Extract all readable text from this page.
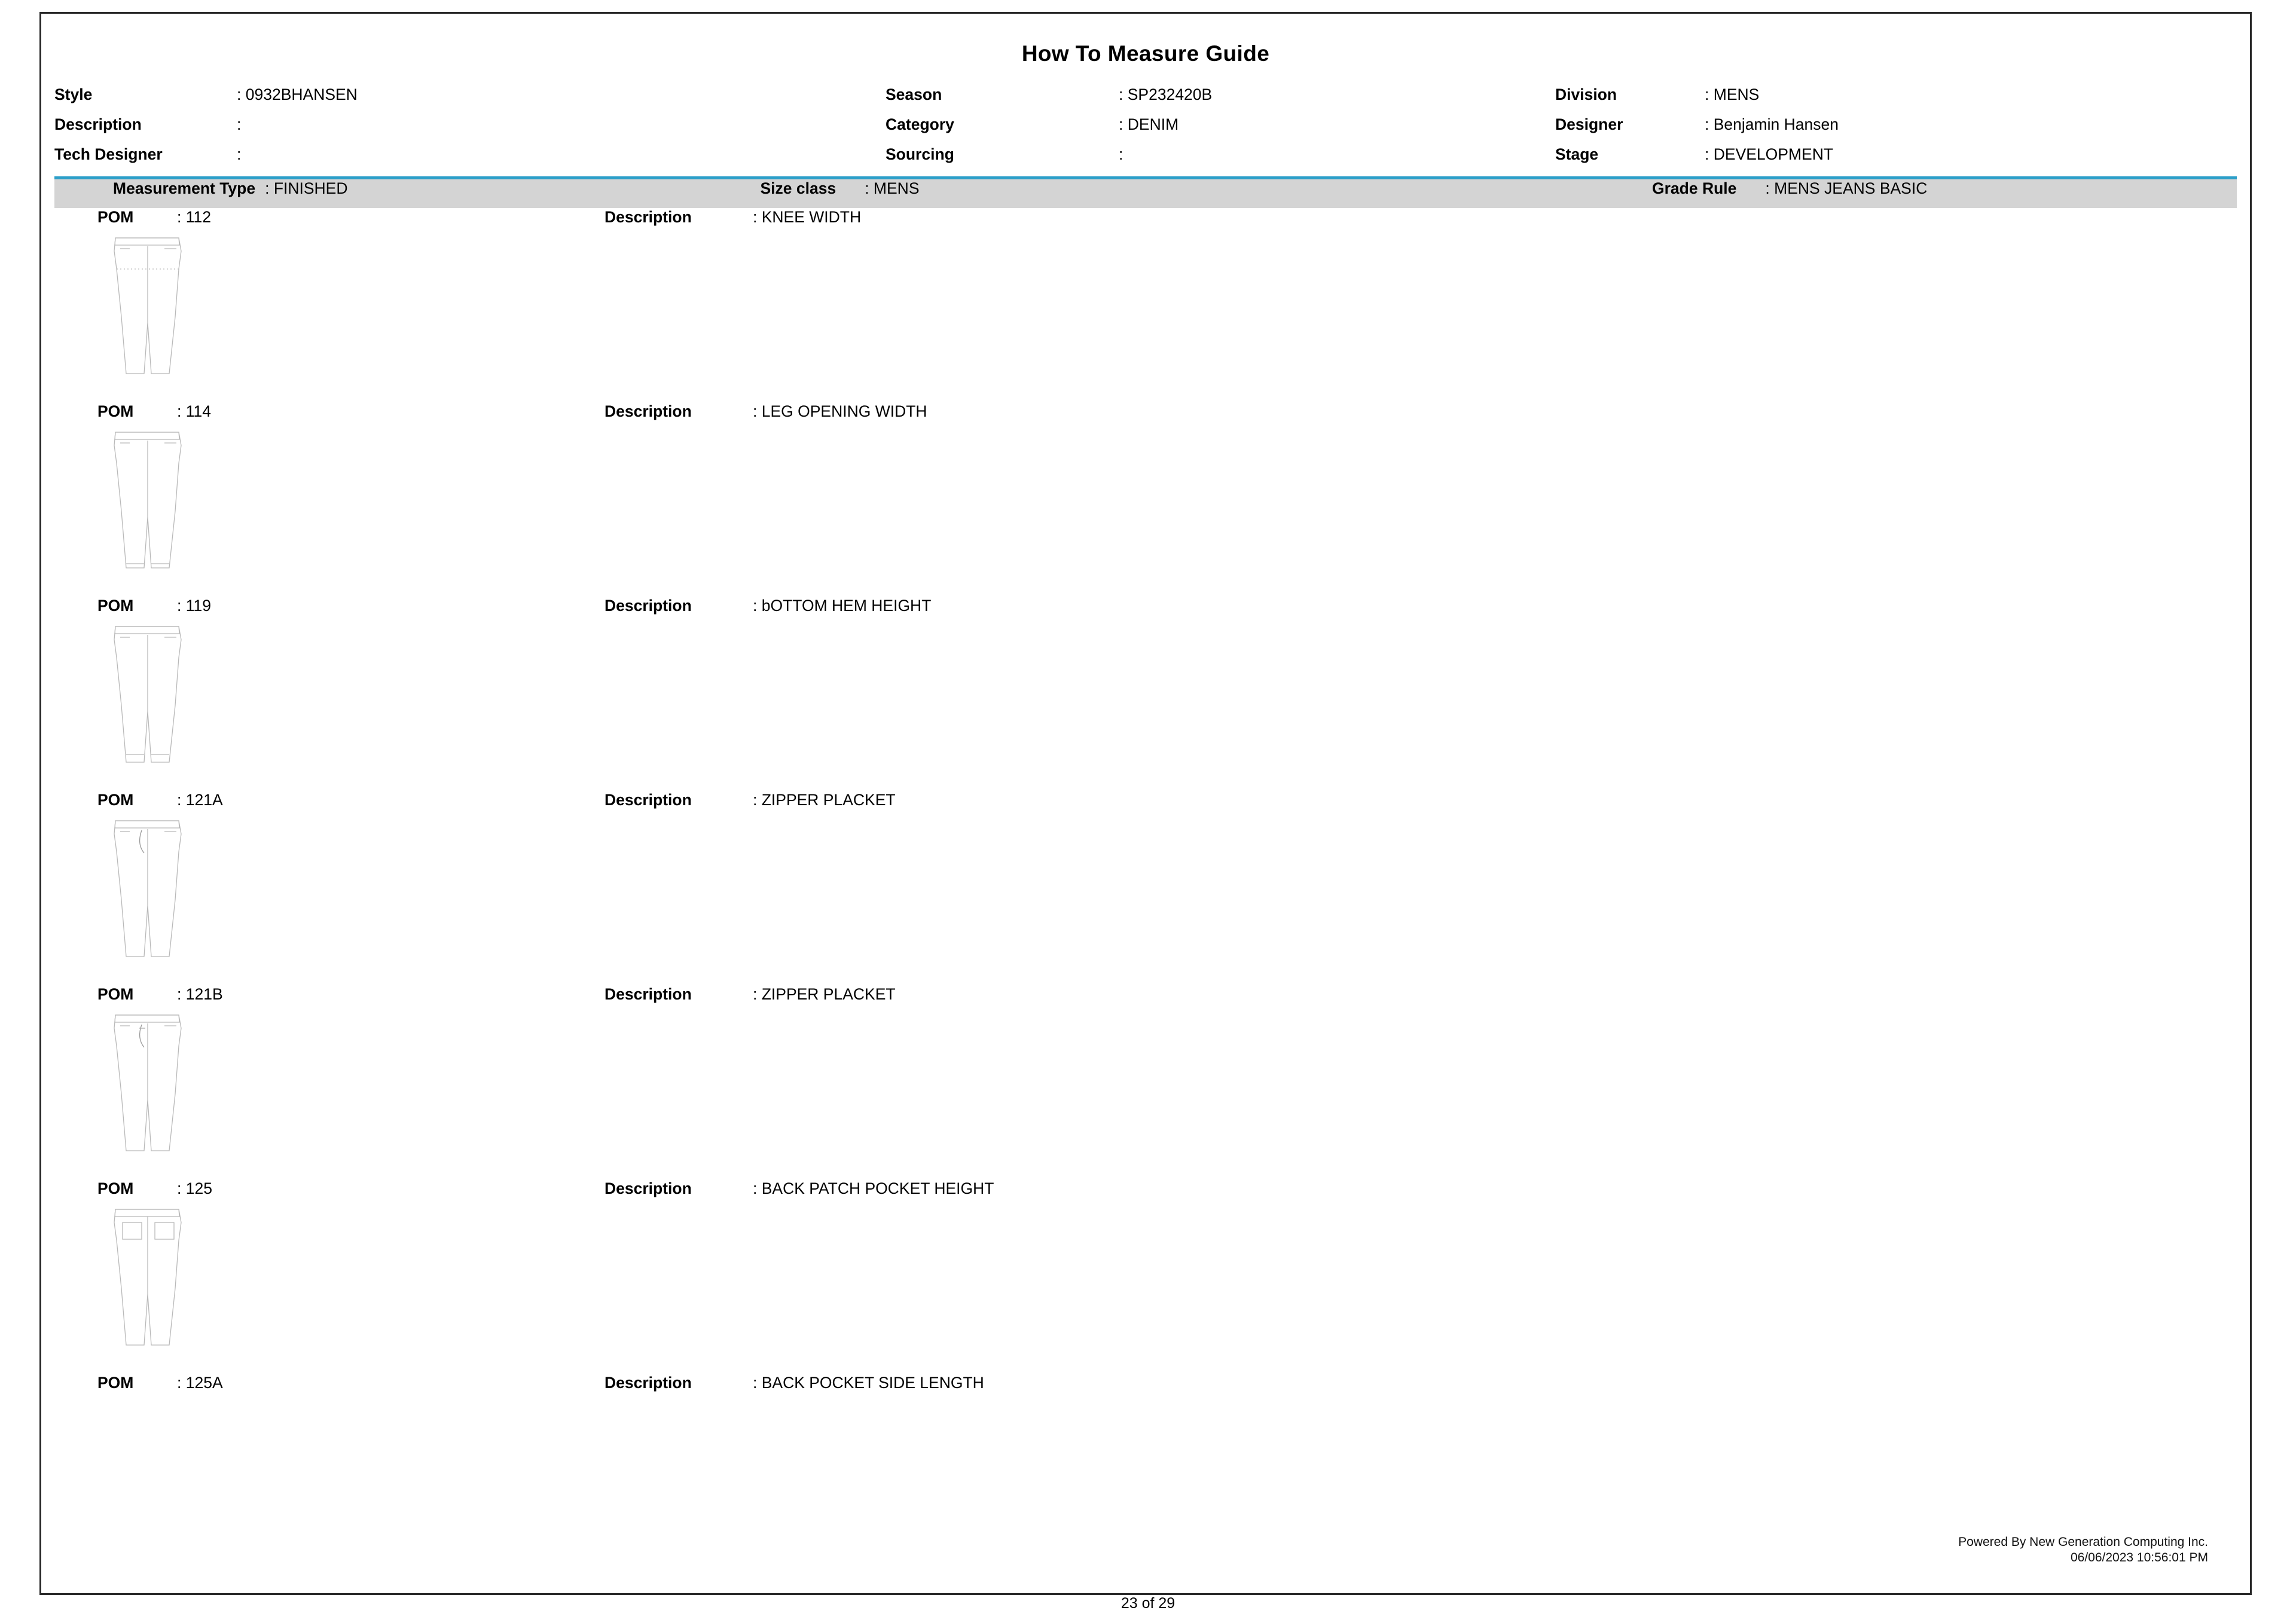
How To Measure Guide
Style	: 0932BHANSEN	Season	: SP232420B	Division	: MENS
Description	:	Category	: DENIM	Designer	: Benjamin Hansen
Tech Designer	:	Sourcing	:	Stage	: DEVELOPMENT
Measurement Type : FINISHED	Size class : MENS	Grade Rule : MENS JEANS BASIC
POM	: 112	Description	: KNEE WIDTH
POM	: 114	Description	: LEG OPENING WIDTH
POM	: 119	Description	: bOTTOM HEM HEIGHT
POM	: 121A	Description	: ZIPPER PLACKET
POM	: 121B	Description	: ZIPPER PLACKET
POM	: 125	Description	: BACK PATCH POCKET HEIGHT
POM	: 125A	Description	: BACK POCKET SIDE LENGTH
Powered By New Generation Computing Inc.
06/06/2023 10:56:01 PM
23 of 29
